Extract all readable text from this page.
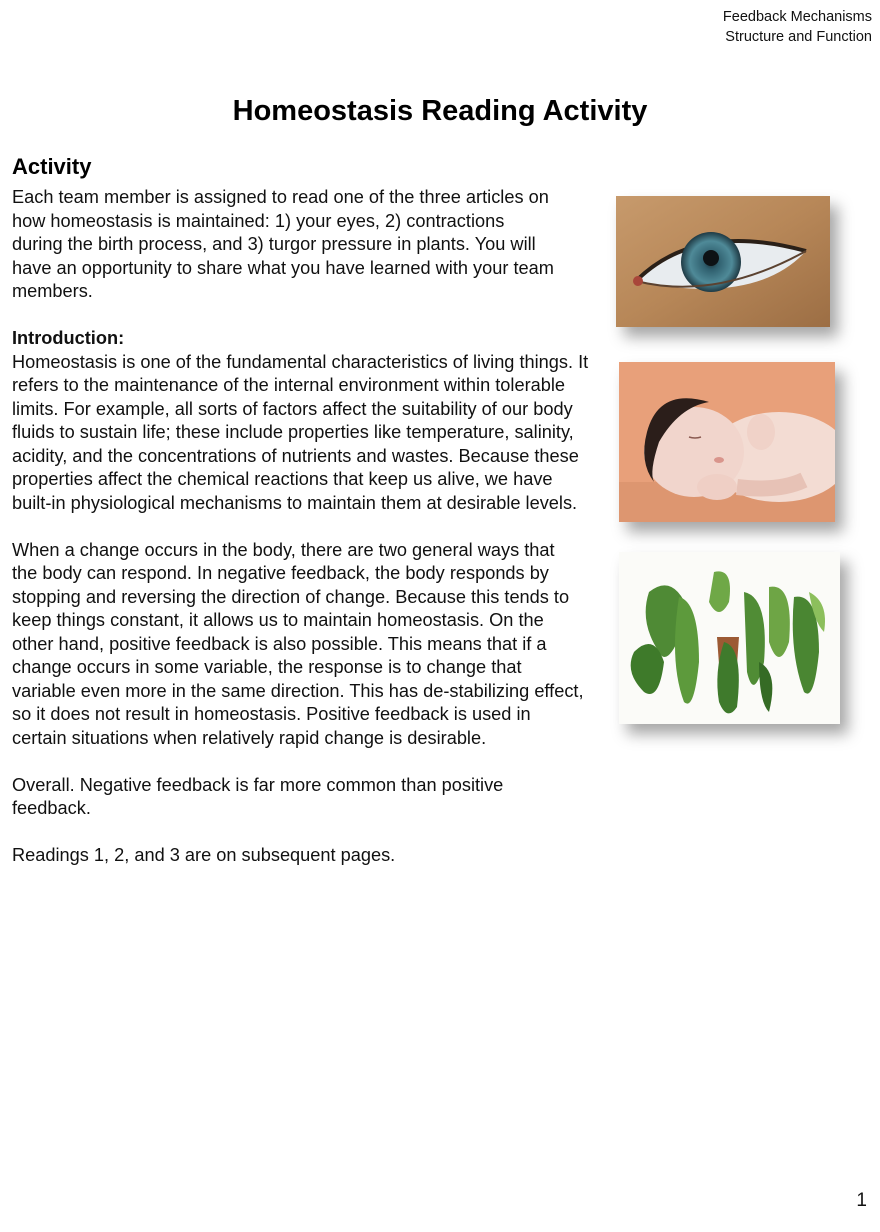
Feedback Mechanisms
Structure and Function
Homeostasis Reading Activity
Activity

Each team member is assigned to read one of the three articles on how homeostasis is maintained: 1) your eyes, 2) contractions during the birth process, and 3) turgor pressure in plants. You will have an opportunity to share what you have learned with your team members.

Introduction:

Homeostasis is one of the fundamental characteristics of living things. It refers to the maintenance of the internal environment within tolerable limits. For example, all sorts of factors affect the suitability of our body fluids to sustain life; these include properties like temperature, salinity, acidity, and the concentrations of nutrients and wastes. Because these properties affect the chemical reactions that keep us alive, we have built-in physiological mechanisms to maintain them at desirable levels.

When a change occurs in the body, there are two general ways that the body can respond. In negative feedback, the body responds by stopping and reversing the direction of change. Because this tends to keep things constant, it allows us to maintain homeostasis. On the other hand, positive feedback is also possible. This means that if a change occurs in some variable, the response is to change that variable even more in the same direction. This has de-stabilizing effect, so it does not result in homeostasis. Positive feedback is used in certain situations when relatively rapid change is desirable.

Overall. Negative feedback is far more common than positive feedback.

Readings 1, 2, and 3 are on subsequent pages.

1
